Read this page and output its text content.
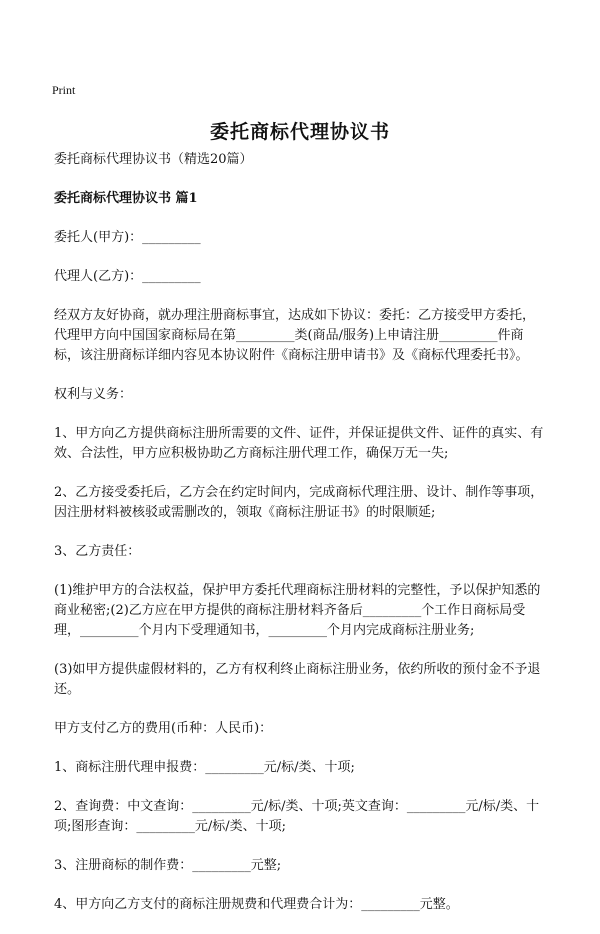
Print
委托商标代理协议书

委托商标代理协议书（精选20篇）

委托商标代理协议书 篇1

委托人(甲方)：_________

代理人(乙方)：_________

经双方友好协商，就办理注册商标事宜，达成如下协议：委托：乙方接受甲方委托，代理甲方向中国国家商标局在第_________类(商品/服务)上申请注册_________件商标，该注册商标详细内容见本协议附件《商标注册申请书》及《商标代理委托书》。

权利与义务：

1、甲方向乙方提供商标注册所需要的文件、证件，并保证提供文件、证件的真实、有效、合法性，甲方应积极协助乙方商标注册代理工作，确保万无一失;

2、乙方接受委托后，乙方会在约定时间内，完成商标代理注册、设计、制作等事项，因注册材料被核驳或需删改的，领取《商标注册证书》的时限顺延;

3、乙方责任：

(1)维护甲方的合法权益，保护甲方委托代理商标注册材料的完整性，予以保护知悉的商业秘密;(2)乙方应在甲方提供的商标注册材料齐备后_________个工作日商标局受理，_________个月内下受理通知书，_________个月内完成商标注册业务;

(3)如甲方提供虚假材料的，乙方有权利终止商标注册业务，依约所收的预付金不予退还。

甲方支付乙方的费用(币种：人民币)：

1、商标注册代理申报费：_________元/标/类、十项;

2、查询费：中文查询：_________元/标/类、十项;英文查询：_________元/标/类、十项;图形查询：_________元/标/类、十项;

3、注册商标的制作费：_________元整;

4、甲方向乙方支付的商标注册规费和代理费合计为：_________元整。
